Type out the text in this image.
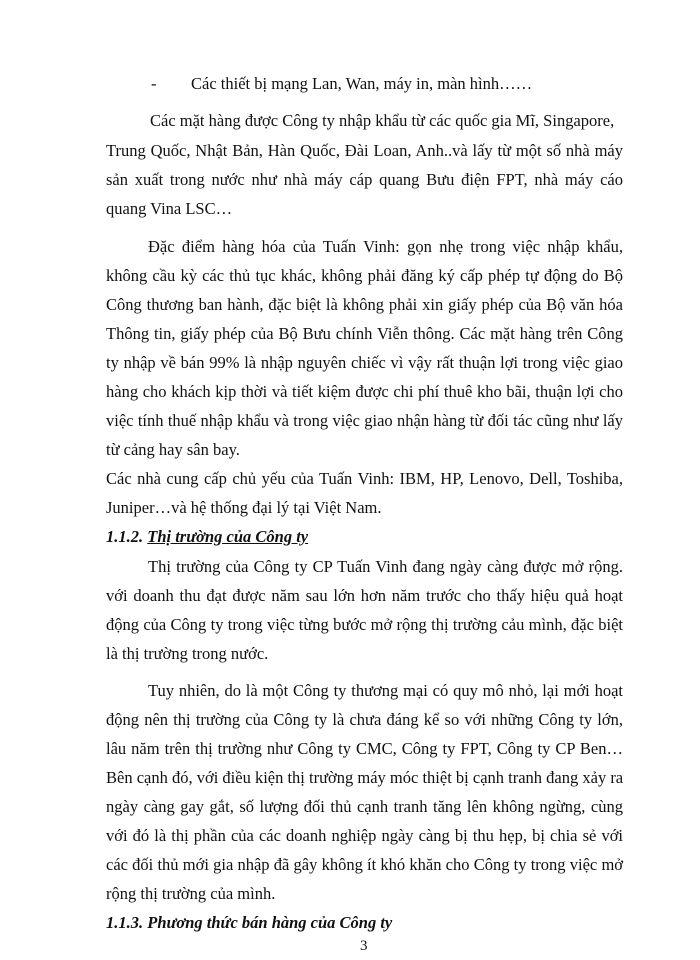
- Các thiết bị mạng Lan, Wan, máy in, màn hình……
Các mặt hàng được Công ty nhập khẩu từ các quốc gia Mĩ, Singapore,
Trung Quốc, Nhật Bản, Hàn Quốc, Đài Loan, Anh..và lấy từ một số nhà máy
sản xuất trong nước như nhà máy cáp quang Bưu điện FPT, nhà máy cáo
quang Vina LSC…
Đặc điểm hàng hóa của Tuấn Vinh: gọn nhẹ trong việc nhập khẩu,
không cầu kỳ các thủ tục khác, không phải đăng ký cấp phép tự động do Bộ
Công thương ban hành, đặc biệt là không phải xin giấy phép của Bộ văn hóa
Thông tin, giấy phép của Bộ Bưu chính Viễn thông. Các mặt hàng trên Công
ty nhập về bán 99% là nhập nguyên chiếc vì vậy rất thuận lợi trong việc giao
hàng cho khách kịp thời và tiết kiệm được chi phí thuê kho bãi, thuận lợi cho
việc tính thuế nhập khẩu và trong việc giao nhận hàng từ đối tác cũng như lấy
từ cảng hay sân bay.
Các nhà cung cấp chủ yếu của Tuấn Vinh: IBM, HP, Lenovo, Dell, Toshiba,
Juniper…và hệ thống đại lý tại Việt Nam.
1.1.2. Thị trường của Công ty
Thị trường của Công ty CP Tuấn Vinh đang ngày càng được mở rộng.
với doanh thu đạt được năm sau lớn hơn năm trước cho thấy hiệu quả hoạt
động của Công ty trong việc từng bước mở rộng thị trường cảu mình, đặc biệt
là thị trường trong nước.
Tuy nhiên, do là một Công ty thương mại có quy mô nhỏ, lại mới hoạt
động nên thị trường của Công ty là chưa đáng kể so với những Công ty lớn,
lâu năm trên thị trường như Công ty CMC, Công ty FPT, Công ty CP Ben…
Bên cạnh đó, với điều kiện thị trường máy móc thiệt bị cạnh tranh đang xảy ra
ngày càng gay gắt, số lượng đối thủ cạnh tranh tăng lên không ngừng, cùng
với đó là thị phần của các doanh nghiệp ngày càng bị thu hẹp, bị chia sẻ với
các đối thủ mới gia nhập đã gây không ít khó khăn cho Công ty trong việc mở
rộng thị trường của mình.
1.1.3. Phương thức bán hàng của Công ty
3
